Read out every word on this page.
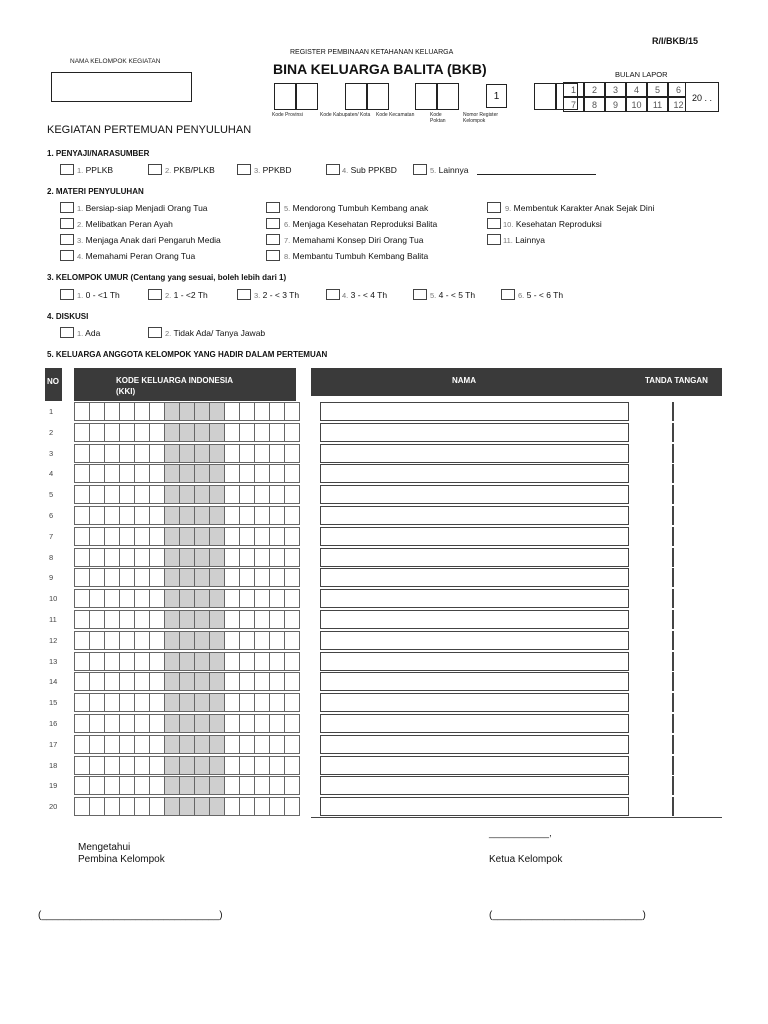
R/I/BKB/15
NAMA KELOMPOK KEGIATAN
REGISTER PEMBINAAN KETAHANAN KELUARGA
BINA KELUARGA BALITA (BKB)
1
Kode Provinsi	Kode Kabupaten/ Kota	Kode Kecamatan	Kode Poktan
Nomor Register Kelompok
BULAN LAPOR
1	2	3	4	5	6
7	8	9	10	11	12
20 . .
KEGIATAN PERTEMUAN PENYULUHAN
1. PENYAJI/NARASUMBER
1. PPLKB	2. PKB/PLKB	3. PPKBD	4. Sub PPKBD	5. Lainnya
2. MATERI PENYULUHAN
1. Bersiap-siap Menjadi Orang Tua
2. Melibatkan Peran Ayah
3. Menjaga Anak dari Pengaruh Media
4. Memahami Peran Orang Tua
5. Mendorong Tumbuh Kembang anak
6. Menjaga Kesehatan Reproduksi Balita
7. Memahami Konsep Diri Orang Tua
8. Membantu Tumbuh Kembang Balita
9. Membentuk Karakter Anak Sejak Dini
10. Kesehatan Reproduksi
11. Lainnya
3. KELOMPOK UMUR (Centang yang sesuai, boleh lebih dari 1)
1. 0 - <1 Th	2. 1 - <2 Th	3. 2 - < 3 Th	4. 3 - < 4 Th	5. 4 - < 5 Th	6. 5 - < 6 Th
4. DISKUSI
1. Ada	2. Tidak Ada/ Tanya Jawab
5. KELUARGA ANGGOTA KELOMPOK YANG HADIR DALAM PERTEMUAN
NO	KODE KELUARGA INDONESIA
(KKI)
NAMA	TANDA TANGAN
1
2
3
4
5
6
7
8
9
10
11
12
13
14
15
16
17
18
19
20
Mengetahui
Pembina Kelompok
____________,
Ketua Kelompok
(________________________________)	(___________________________)
